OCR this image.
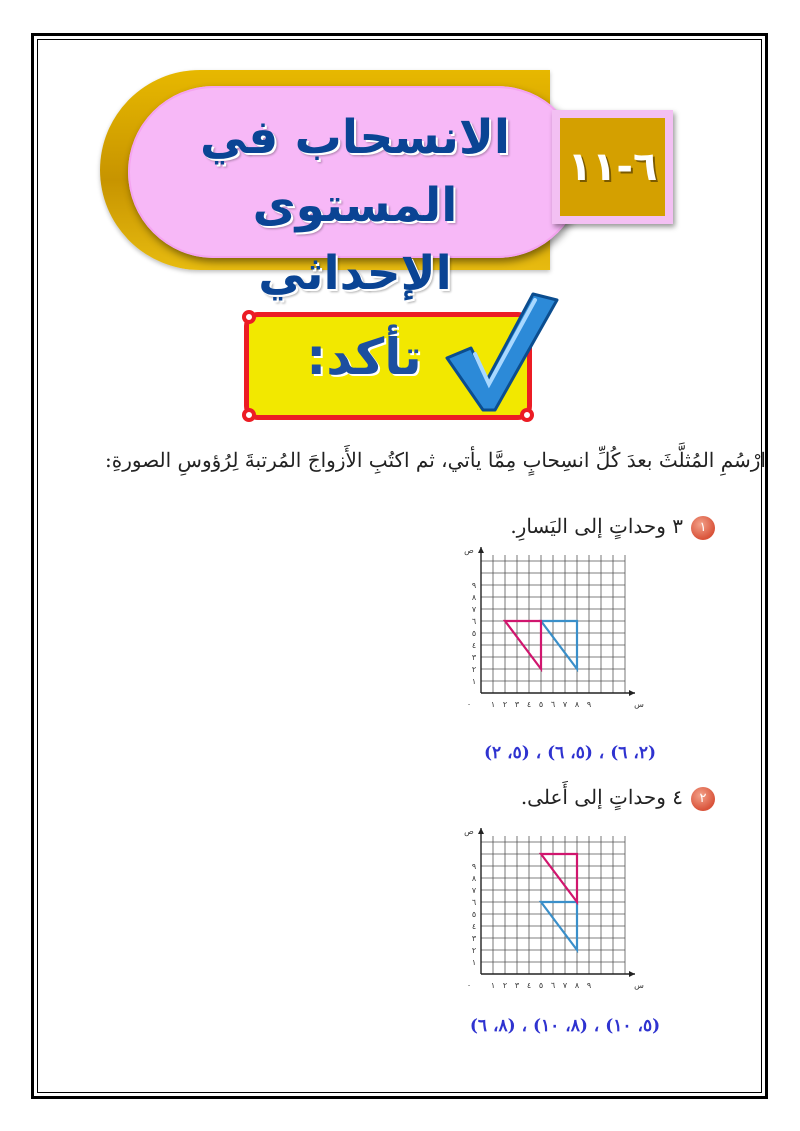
الانسحاب في
المستوى الإحداثي
٦-١١
تأكد:
ارْسُمِ المُثلَّثَ بعدَ كُلِّ انسِحابٍ مِمَّا يأتي، ثم اكتُبِ الأَزواجَ المُرتبةَ لِرُؤوسِ الصورةِ:
١٣ وحداتٍ إلى اليَسارِ.
١ ٢ ٣ ٤ ٥ ٦ ٧ ٨ ٩
١
٢
٣
٤
٥
٦
٧
٨
٩
٠	س
ص
(٢، ٦) ، (٥، ٦) ، (٥، ٢)
٢٤ وحداتٍ إلى أَعلى.
١ ٢ ٣ ٤ ٥ ٦ ٧ ٨ ٩
١
٢
٣
٤
٥
٦
٧
٨
٩
٠	س
ص
(٥، ١٠) ، (٨، ١٠) ، (٨، ٦)
